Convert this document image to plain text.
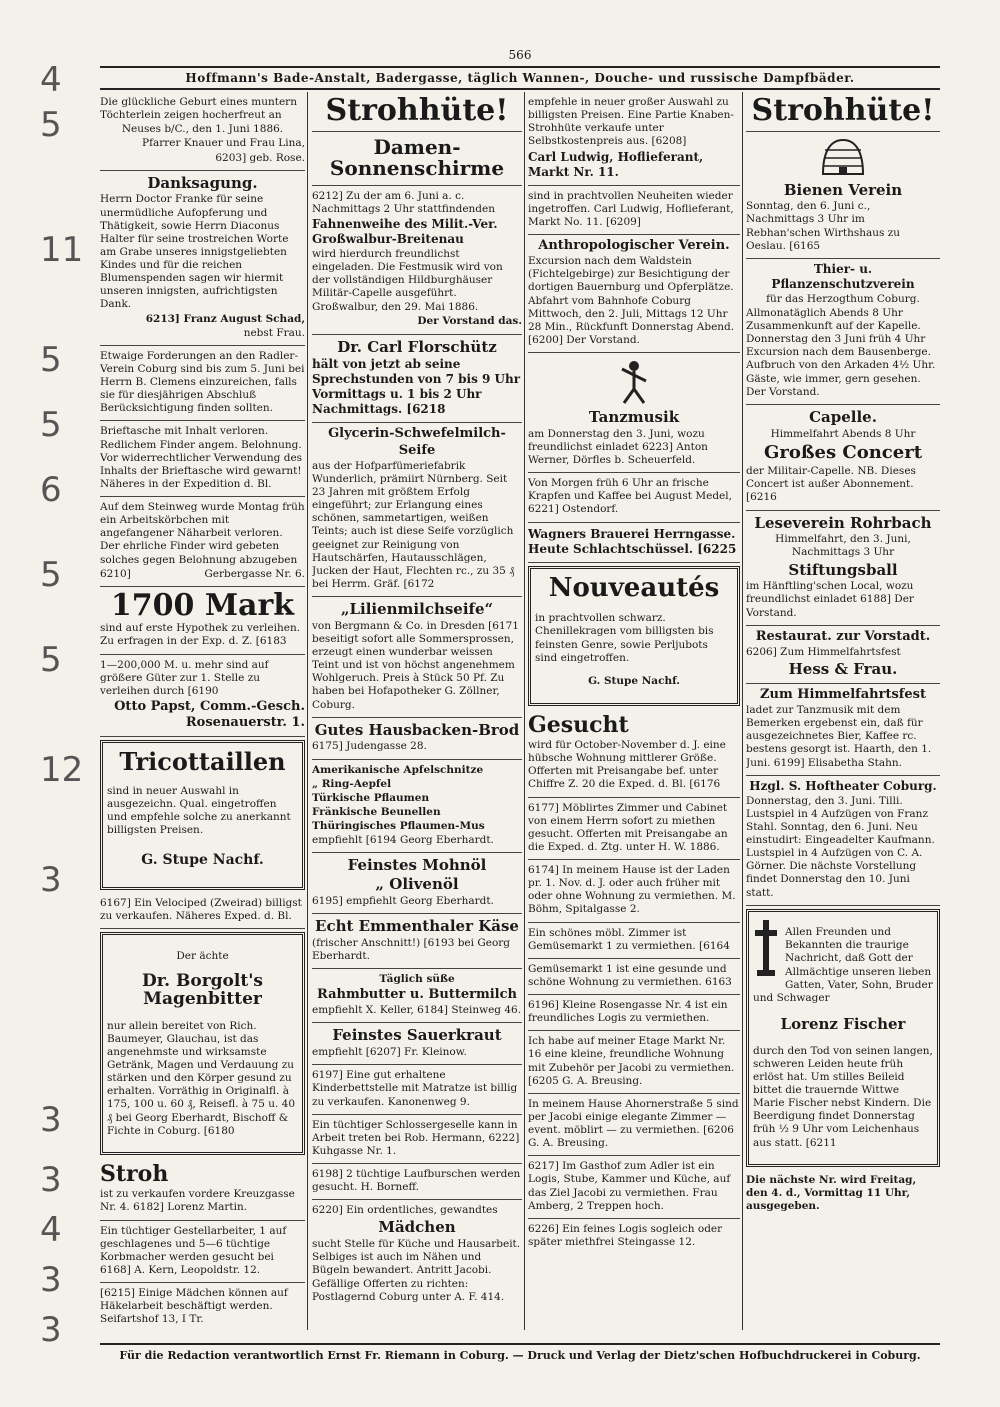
566
Hoffmann's Bade-Anstalt, Badergasse, täglich Wannen-, Douche- und russische Dampfbäder.

Die glückliche Geburt eines muntern Töchterlein zeigen hocherfreut an

Neuses b/C., den 1. Juni 1886.

Pfarrer Knauer und Frau Lina,

6203] geb. Rose.

Danksagung.

Herrn Doctor Franke für seine unermüdliche Aufopferung und Thätigkeit, sowie Herrn Diaconus Halter für seine trostreichen Worte am Grabe unseres innigstgeliebten Kindes und für die reichen Blumenspenden sagen wir hiermit unseren innigsten, aufrichtigsten Dank.

6213] Franz August Schad,

nebst Frau.

Etwaige Forderungen an den Radler-Verein Coburg sind bis zum 5. Juni bei Herrn B. Clemens einzureichen, falls sie für diesjährigen Abschluß Berücksichtigung finden sollten.

Brieftasche mit Inhalt verloren. Redlichem Finder angem. Belohnung. Vor widerrechtlicher Verwendung des Inhalts der Brieftasche wird gewarnt! Näheres in der Expedition d. Bl.

Auf dem Steinweg wurde Montag früh ein Arbeitskörbchen mit angefangener Näharbeit verloren. Der ehrliche Finder wird gebeten solches gegen Belohnung abzugeben

6210]	Gerbergasse Nr. 6.

1700 Mark

sind auf erste Hypothek zu verleihen. Zu erfragen in der Exp. d. Z. [6183

1—200,000 M. u. mehr sind auf größere Güter zur 1. Stelle zu verleihen durch [6190

Otto Papst, Comm.-Gesch. Rosenauerstr. 1.

Tricottaillen

sind in neuer Auswahl in ausgezeichn. Qual. eingetroffen und empfehle solche zu anerkannt billigsten Preisen.

G. Stupe Nachf.

6167] Ein Velociped (Zweirad) billigst zu verkaufen. Näheres Exped. d. Bl.

Der ächte

Dr. Borgolt's Magenbitter

nur allein bereitet von Rich. Baumeyer, Glauchau, ist das angenehmste und wirksamste Getränk, Magen und Verdauung zu stärken und den Körper gesund zu erhalten. Vorräthig in Originalfl. à 175, 100 u. 60 ₰, Reisefl. à 75 u. 40 ₰ bei Georg Eberhardt, Bischoff & Fichte in Coburg. [6180

Stroh

ist zu verkaufen vordere Kreuzgasse Nr. 4. 6182] Lorenz Martin.

Ein tüchtiger Gestellarbeiter, 1 auf geschlagenes und 5—6 tüchtige Korbmacher werden gesucht bei 6168] A. Kern, Leopoldstr. 12.

[6215] Einige Mädchen können auf Häkelarbeit beschäftigt werden. Seifartshof 13, I Tr.

Strohhüte!
Damen-Sonnenschirme

6212] Zu der am 6. Juni a. c. Nachmittags 2 Uhr stattfindenden

Fahnenweihe des Milit.-Ver. Großwalbur-Breitenau

wird hierdurch freundlichst eingeladen. Die Festmusik wird von der vollständigen Hildburghäuser Militär-Capelle ausgeführt.

Großwalbur, den 29. Mai 1886.

Der Vorstand das.

Dr. Carl Florschütz

hält von jetzt ab seine Sprechstunden von 7 bis 9 Uhr Vormittags u. 1 bis 2 Uhr Nachmittags. [6218

Glycerin-Schwefelmilch-Seife

aus der Hofparfümeriefabrik Wunderlich, prämiirt Nürnberg. Seit 23 Jahren mit größtem Erfolg eingeführt; zur Erlangung eines schönen, sammetartigen, weißen Teints; auch ist diese Seife vorzüglich geeignet zur Reinigung von Hautschärfen, Hautausschlägen, Jucken der Haut, Flechten rc., zu 35 ₰ bei Herrm. Gräf. [6172

„Lilienmilchseife“

von Bergmann & Co. in Dresden [6171 beseitigt sofort alle Sommersprossen, erzeugt einen wunderbar weissen Teint und ist von höchst angenehmem Wohlgeruch. Preis à Stück 50 Pf. Zu haben bei Hofapotheker G. Zöllner, Coburg.

Gutes Hausbacken-Brod

6175] Judengasse 28.

Amerikanische Apfelschnitze

„ Ring-Aepfel

Türkische Pflaumen

Fränkische Beunellen

Thüringisches Pflaumen-Mus

empfiehlt [6194 Georg Eberhardt.

Feinstes Mohnöl
„ Olivenöl

6195] empfiehlt Georg Eberhardt.

Echt Emmenthaler Käse

(frischer Anschnitt!) [6193 bei Georg Eberhardt.

Täglich süße

Rahmbutter u. Buttermilch

empfiehlt X. Keller, 6184] Steinweg 46.

Feinstes Sauerkraut

empfiehlt [6207] Fr. Kleinow.

6197] Eine gut erhaltene Kinderbettstelle mit Matratze ist billig zu verkaufen. Kanonenweg 9.

Ein tüchtiger Schlossergeselle kann in Arbeit treten bei Rob. Hermann, 6222] Kuhgasse Nr. 1.

6198] 2 tüchtige Laufburschen werden gesucht. H. Borneff.

6220] Ein ordentliches, gewandtes

Mädchen

sucht Stelle für Küche und Hausarbeit. Selbiges ist auch im Nähen und Bügeln bewandert. Antritt Jacobi. Gefällige Offerten zu richten: Postlagernd Coburg unter A. F. 414.

empfehle in neuer großer Auswahl zu billigsten Preisen. Eine Partie Knaben-Strohhüte verkaufe unter Selbstkostenpreis aus. [6208]

Carl Ludwig, Hoflieferant, Markt Nr. 11.

sind in prachtvollen Neuheiten wieder ingetroffen. Carl Ludwig, Hoflieferant, Markt No. 11. [6209]

Anthropologischer Verein.

Excursion nach dem Waldstein (Fichtelgebirge) zur Besichtigung der dortigen Bauernburg und Opferplätze. Abfahrt vom Bahnhofe Coburg Mittwoch, den 2. Juli, Mittags 12 Uhr 28 Min., Rückfunft Donnerstag Abend. [6200] Der Vorstand.

Tanzmusik

am Donnerstag den 3. Juni, wozu freundlichst einladet 6223] Anton Werner, Dörfles b. Scheuerfeld.

Von Morgen früh 6 Uhr an frische Krapfen und Kaffee bei August Medel, 6221] Ostendorf.

Wagners Brauerei Herrngasse. Heute Schlachtschüssel. [6225

Nouveautés

in prachtvollen schwarz. Chenillekragen vom billigsten bis feinsten Genre, sowie Perljubots sind eingetroffen.

G. Stupe Nachf.

Gesucht

wird für October-November d. J. eine hübsche Wohnung mittlerer Größe. Offerten mit Preisangabe bef. unter Chiffre Z. 20 die Exped. d. Bl. [6176

6177] Möblirtes Zimmer und Cabinet von einem Herrn sofort zu miethen gesucht. Offerten mit Preisangabe an die Exped. d. Ztg. unter H. W. 1886.

6174] In meinem Hause ist der Laden pr. 1. Nov. d. J. oder auch früher mit oder ohne Wohnung zu vermiethen. M. Böhm, Spitalgasse 2.

Ein schönes möbl. Zimmer ist Gemüsemarkt 1 zu vermiethen. [6164

Gemüsemarkt 1 ist eine gesunde und schöne Wohnung zu vermiethen. 6163

6196] Kleine Rosengasse Nr. 4 ist ein freundliches Logis zu vermiethen.

Ich habe auf meiner Etage Markt Nr. 16 eine kleine, freundliche Wohnung mit Zubehör per Jacobi zu vermiethen. [6205 G. A. Breusing.

In meinem Hause Ahornerstraße 5 sind per Jacobi einige elegante Zimmer — event. möblirt — zu vermiethen. [6206 G. A. Breusing.

6217] Im Gasthof zum Adler ist ein Logis, Stube, Kammer und Küche, auf das Ziel Jacobi zu vermiethen. Frau Amberg, 2 Treppen hoch.

6226] Ein feines Logis sogleich oder später miethfrei Steingasse 12.

Strohhüte!
Bienen Verein

Sonntag, den 6. Juni c., Nachmittags 3 Uhr im Rebhan'schen Wirthshaus zu Oeslau. [6165

Thier- u. Pflanzenschutzverein

für das Herzogthum Coburg.

Allmonatäglich Abends 8 Uhr Zusammenkunft auf der Kapelle. Donnerstag den 3 Juni früh 4 Uhr Excursion nach dem Bausenberge. Aufbruch von den Arkaden 4½ Uhr. Gäste, wie immer, gern gesehen. Der Vorstand.

Capelle.

Himmelfahrt Abends 8 Uhr

Großes Concert

der Militair-Capelle. NB. Dieses Concert ist außer Abonnement. [6216

Leseverein Rohrbach

Himmelfahrt, den 3. Juni, Nachmittags 3 Uhr

Stiftungsball

im Hänftling'schen Local, wozu freundlichst einladet 6188] Der Vorstand.

Restaurat. zur Vorstadt.

6206] Zum Himmelfahrtsfest

Hess & Frau.
Zum Himmelfahrtsfest

ladet zur Tanzmusik mit dem Bemerken ergebenst ein, daß für ausgezeichnetes Bier, Kaffee rc. bestens gesorgt ist. Haarth, den 1. Juni. 6199] Elisabetha Stahn.

Hzgl. S. Hoftheater Coburg.

Donnerstag, den 3. Juni. Tilli. Lustspiel in 4 Aufzügen von Franz Stahl. Sonntag, den 6. Juni. Neu einstudirt: Eingeadelter Kaufmann. Lustspiel in 4 Aufzügen von C. A. Görner. Die nächste Vorstellung findet Donnerstag den 10. Juni statt.

Allen Freunden und Bekannten die traurige Nachricht, daß Gott der Allmächtige unseren lieben Gatten, Vater, Sohn, Bruder und Schwager

Lorenz Fischer

durch den Tod von seinen langen, schweren Leiden heute früh erlöst hat. Um stilles Beileid bittet die trauernde Wittwe Marie Fischer nebst Kindern. Die Beerdigung findet Donnerstag früh ½ 9 Uhr vom Leichenhaus aus statt. [6211

Die nächste Nr. wird Freitag, den 4. d., Vormittag 11 Uhr, ausgegeben.

Für die Redaction verantwortlich Ernst Fr. Riemann in Coburg. — Druck und Verlag der Dietz'schen Hofbuchdruckerei in Coburg.
4
5
11
5
5
6
5
5
12
3
3
3
4
3
3
